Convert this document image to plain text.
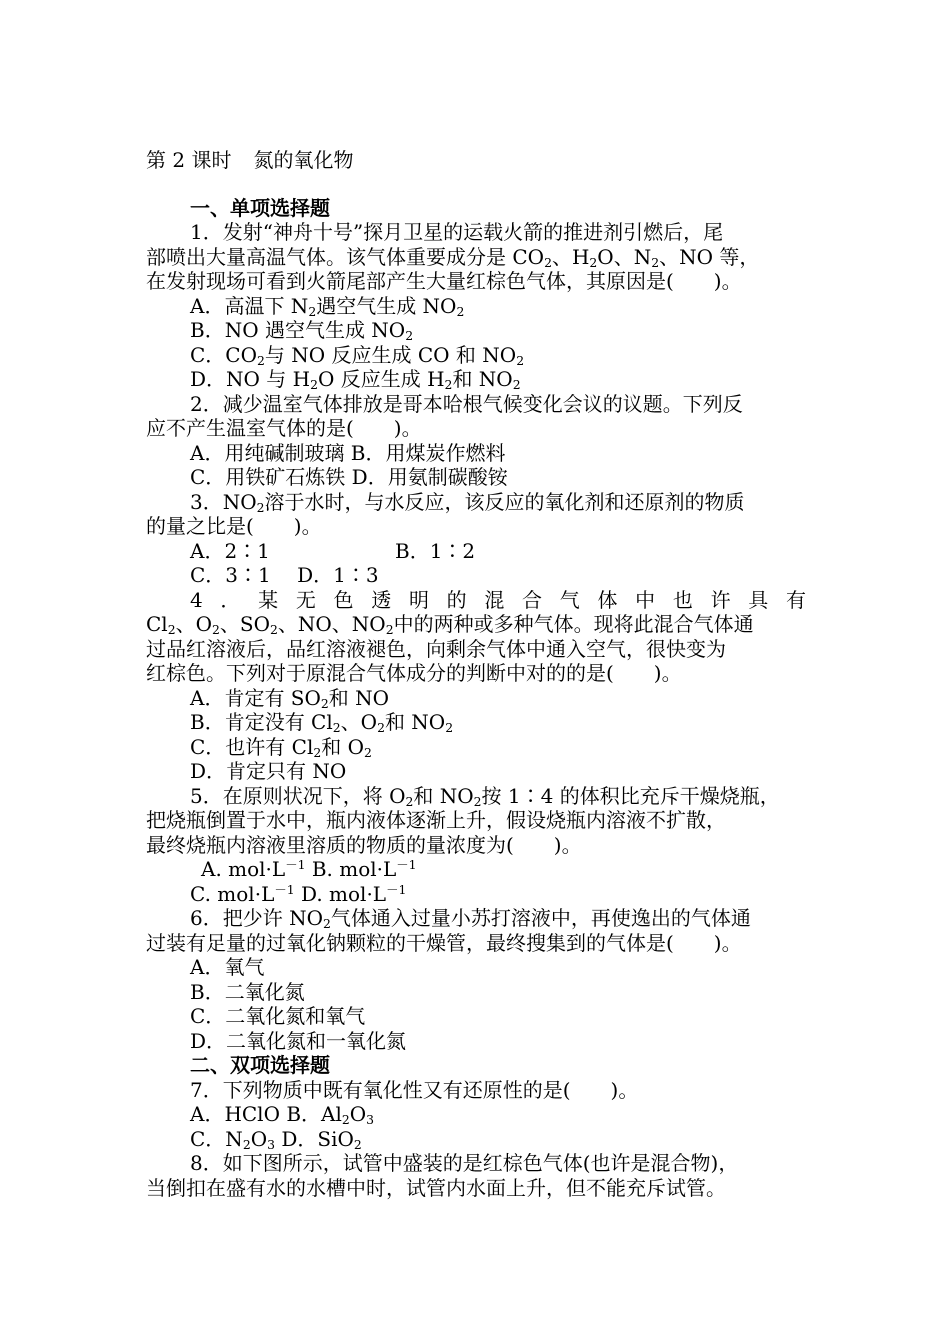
第 2 课时 氮的氧化物
一、单项选择题
1．发射“神舟十号”探月卫星的运载火箭的推进剂引燃后，尾
部喷出大量高温气体。该气体重要成分是 $CO_2$、$H_2O$、$N_2$、NO 等，
在发射现场可看到火箭尾部产生大量红棕色气体，其原因是(　　)。
A．高温下 $N_2$遇空气生成 $NO_2$
B．NO 遇空气生成 $NO_2$
C．$CO_2$与 NO 反应生成 CO 和 $NO_2$
D．NO 与 $H_2O$ 反应生成 $H_2$和 $NO_2$
2．减少温室气体排放是哥本哈根气候变化会议的议题。下列反
应不产生温室气体的是(　　)。
A．用纯碱制玻璃 B．用煤炭作燃料
C．用铁矿石炼铁 D．用氨制碳酸铵
3．$NO_2$溶于水时，与水反应，该反应的氧化剂和还原剂的物质
的量之比是(　　)。
A．2∶1	B．1∶2
C．3∶1　 D．1∶3
4．某无色透明的混合气体中也许具有
$Cl_2$、$O_2$、$SO_2$、NO、$NO_2$中的两种或多种气体。现将此混合气体通
过品红溶液后，品红溶液褪色，向剩余气体中通入空气，很快变为
红棕色。下列对于原混合气体成分的判断中对的的是(　　)。
A．肯定有 $SO_2$和 NO
B．肯定没有 $Cl_2$、$O_2$和 $NO_2$
C．也许有 $Cl_2$和 $O_2$
D．肯定只有 NO
5．在原则状况下，将 $O_2$和 $NO_2$按 1∶4 的体积比充斥干燥烧瓶，
把烧瓶倒置于水中，瓶内液体逐渐上升，假设烧瓶内溶液不扩散，
最终烧瓶内溶液里溶质的物质的量浓度为(　　)。
A. $mol\cdot L^{-1}$ B. $mol\cdot L^{-1}$
C. $mol\cdot L^{-1}$ D. $mol\cdot L^{-1}$
6．把少许 $NO_2$气体通入过量小苏打溶液中，再使逸出的气体通
过装有足量的过氧化钠颗粒的干燥管，最终搜集到的气体是(　　)。
A．氧气
B．二氧化氮
C．二氧化氮和氧气
D．二氧化氮和一氧化氮
二、双项选择题
7．下列物质中既有氧化性又有还原性的是(　　)。
A．HClO B．$Al_2O_3$
C．$N_2O_3$ D．SiO$_2$
8．如下图所示，试管中盛装的是红棕色气体(也许是混合物)，
当倒扣在盛有水的水槽中时，试管内水面上升，但不能充斥试管。
